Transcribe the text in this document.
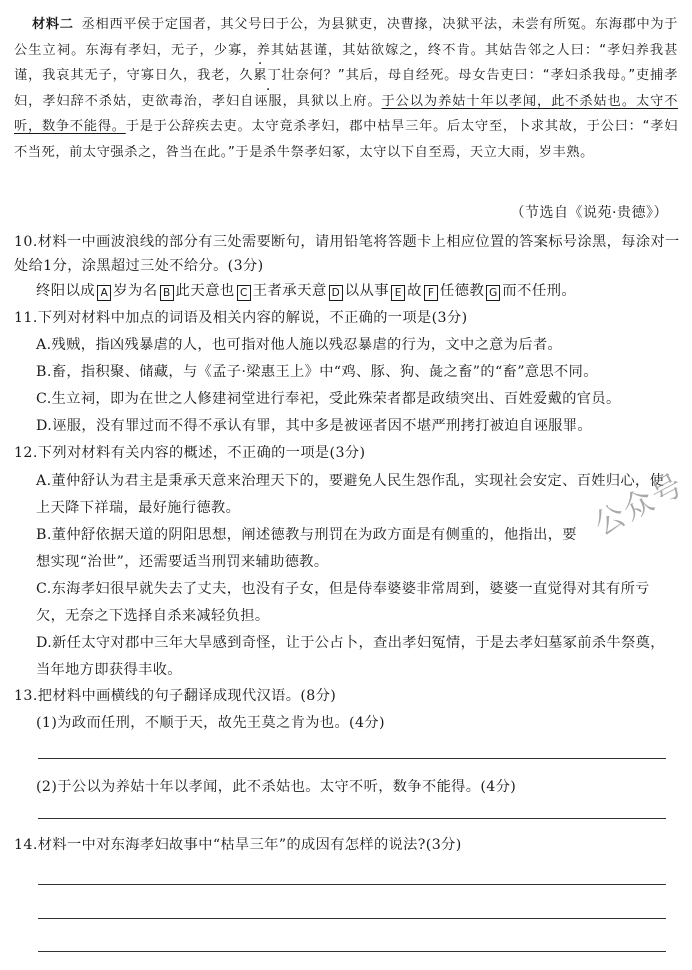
材料二 丞相西平侯于定国者，其父号曰于公，为县狱吏，决曹掾，决狱平法，未尝有所冤。东海郡中为于公生立祠。东海有孝妇，无子，少寡，养其姑甚谨，其姑欲嫁之，终不肯。其姑告邻之人曰：“孝妇养我甚谨，我哀其无子，守寡日久，我老，久累丁壮奈何？”其后，母自经死。母女告吏曰：“孝妇杀我母。”吏捕孝妇，孝妇辞不杀姑，吏欲毒治，孝妇自诬服，具狱以上府。于公以为养姑十年以孝闻，此不杀姑也。太守不听，数争不能得。于是于公辞疾去吏。太守竟杀孝妇，郡中枯旱三年。后太守至，卜求其故，于公曰：“孝妇不当死，前太守强杀之，咎当在此。”于是杀牛祭孝妇冢，太守以下自至焉，天立大雨，岁丰熟。
（节选自《说苑·贵德》）
10.材料一中画波浪线的部分有三处需要断句，请用铅笔将答题卡上相应位置的答案标号涂黑，每涂对一处给1分，涂黑超过三处不给分。(3分)
终阳以成 A 岁为名 B 此天意也 C 王者承天意 D 以从事 E 故 F 任德教 G 而不任刑。
11.下列对材料中加点的词语及相关内容的解说，不正确的一项是(3分)
A.残贼，指凶残暴虐的人，也可指对他人施以残忍暴虐的行为，文中之意为后者。
B.畜，指积聚、储藏，与《孟子·梁惠王上》中“鸡、豚、狗、彘之畜”的“畜”意思不同。
C.生立祠，即为在世之人修建祠堂进行奉祀，受此殊荣者都是政绩突出、百姓爱戴的官员。
D.诬服，没有罪过而不得不承认有罪，其中多是被诬者因不堪严刑拷打被迫自诬服罪。
12.下列对材料有关内容的概述，不正确的一项是(3分)
A.董仲舒认为君主是秉承天意来治理天下的，要避免人民生怨作乱，实现社会安定、百姓归心，使上天降下祥瑞，最好施行德教。
B.董仲舒依据天道的阴阳思想，阐述德教与刑罚在为政方面是有侧重的，他指出，要想实现“治世”，还需要适当刑罚来辅助德教。
C.东海孝妇很早就失去了丈夫，也没有子女，但是侍奉婆婆非常周到，婆婆一直觉得对其有所亏欠，无奈之下选择自杀来减轻负担。
D.新任太守对郡中三年大旱感到奇怪，让于公占卜，查出孝妇冤情，于是去孝妇墓冢前杀牛祭奠，当年地方即获得丰收。
13.把材料中画横线的句子翻译成现代汉语。(8分)
(1)为政而任刑，不顺于天，故先王莫之肯为也。(4分)
(2)于公以为养姑十年以孝闻，此不杀姑也。太守不听，数争不能得。(4分)
14.材料一中对东海孝妇故事中“枯旱三年”的成因有怎样的说法?(3分)
公众号
